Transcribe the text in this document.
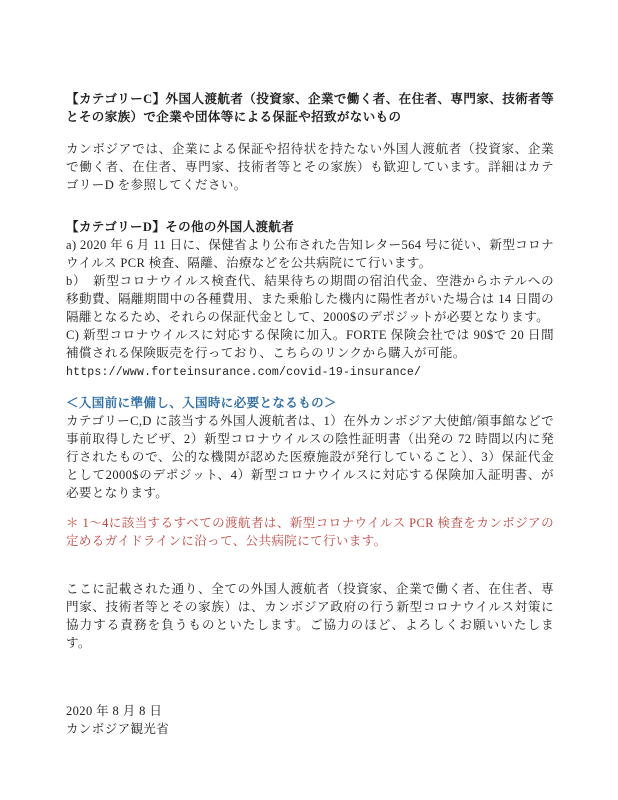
【カテゴリーC】外国人渡航者（投資家、企業で働く者、在住者、専門家、技術者等とその家族）で企業や団体等による保証や招致がないもの

カンボジアでは、企業による保証や招待状を持たない外国人渡航者（投資家、企業で働く者、在住者、専門家、技術者等とその家族）も歓迎しています。詳細はカテゴリーD を参照してください。

【カテゴリーD】その他の外国人渡航者

a) 2020 年 6 月 11 日に、保健省より公布された告知レター564 号に従い、新型コロナウイルス PCR 検査、隔離、治療などを公共病院にて行います。

b）　新型コロナウイルス検査代、結果待ちの期間の宿泊代金、空港からホテルへの移動費、隔離期間中の各種費用、また乗船した機内に陽性者がいた場合は 14 日間の隔離となるため、それらの保証代金として、2000$のデポジットが必要となります。

C) 新型コロナウイルスに対応する保険に加入。FORTE 保険会社では 90$で 20 日間補償される保険販売を行っており、こちらのリンクから購入が可能。

https://www.forteinsurance.com/covid-19-insurance/

＜入国前に準備し、入国時に必要となるもの＞

カテゴリーC,D に該当する外国人渡航者は、1）在外カンボジア大使館/領事館などで事前取得したビザ、2）新型コロナウイルスの陰性証明書（出発の 72 時間以内に発行されたもので、公的な機関が認めた医療施設が発行していること）、3）保証代金として2000$のデポジット、4）新型コロナウイルスに対応する保険加入証明書、が必要となります。

＊ 1～4に該当するすべての渡航者は、新型コロナウイルス PCR 検査をカンボジアの定めるガイドラインに沿って、公共病院にて行います。

ここに記載された通り、全ての外国人渡航者（投資家、企業で働く者、在住者、専門家、技術者等とその家族）は、カンボジア政府の行う新型コロナウイルス対策に協力する責務を負うものといたします。ご協力のほど、よろしくお願いいたします。

2020 年 8 月 8 日

カンボジア観光省
